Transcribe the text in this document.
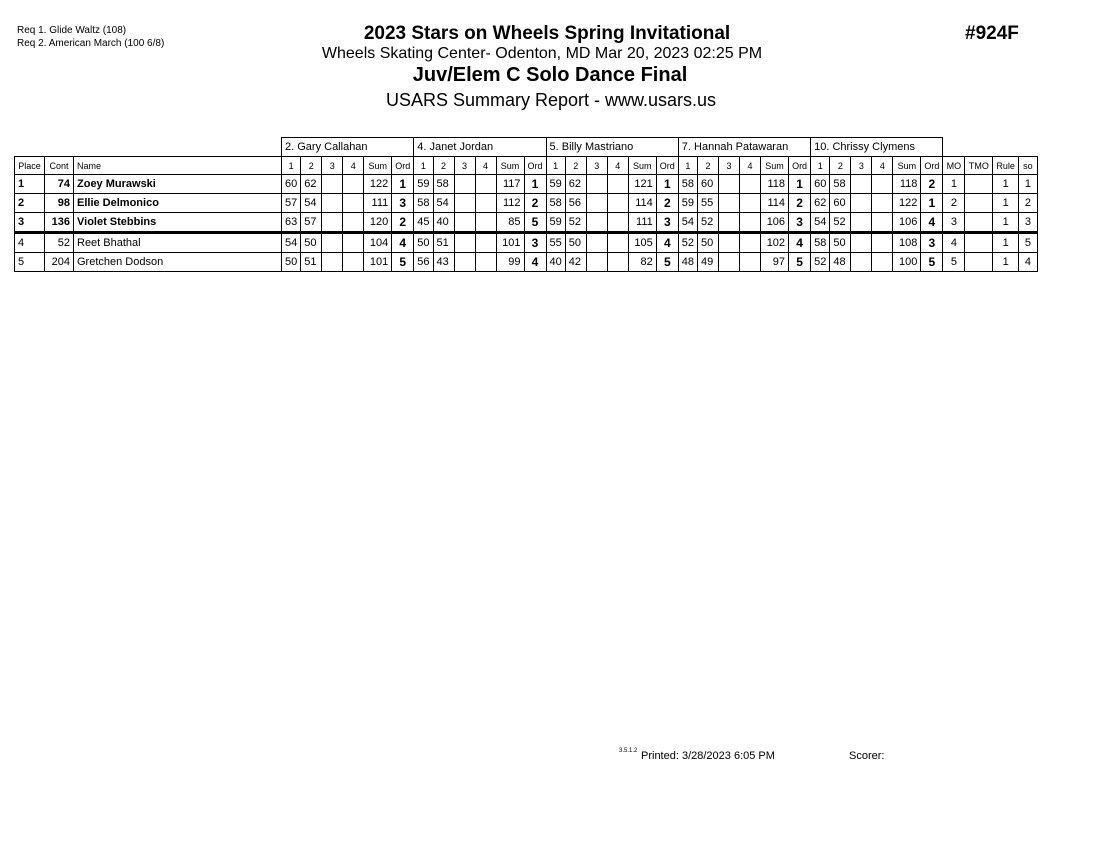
Req 1. Glide Waltz (108)
Req 2. American March (100 6/8)	2023 Stars on Wheels Spring Invitational
Wheels Skating Center- Odenton, MD Mar 20, 2023 02:25 PM
Juv/Elem C Solo Dance Final
USARS Summary Report - www.usars.us
#924F
			2. Gary Callahan						4. Janet Jordan						5. Billy Mastriano						7. Hannah Patawaran						10. Chrissy Clymens									
Place	Cont	Name	1	2	3	4	Sum	Ord	1	2	3	4	Sum	Ord	1	2	3	4	Sum	Ord	1	2	3	4	Sum	Ord	1	2	3	4	Sum	Ord	MO	TMO	Rule	so
1	74	Zoey Murawski	60	62			122	1	59	58			117	1	59	62			121	1	58	60			118	1	60	58			118	2	1		1	1
2	98	Ellie Delmonico	57	54			111	3	58	54			112	2	58	56			114	2	59	55			114	2	62	60			122	1	2		1	2
3	136	Violet Stebbins	63	57			120	2	45	40			85	5	59	52			111	3	54	52			106	3	54	52			106	4	3		1	3
4	52	Reet Bhathal	54	50			104	4	50	51			101	3	55	50			105	4	52	50			102	4	58	50			108	3	4		1	5
5	204	Gretchen Dodson	50	51			101	5	56	43			99	4	40	42			82	5	48	49			97	5	52	48			100	5	5		1	4
3.5.1.2 Printed: 3/28/2023 6:05 PM	Scorer:
